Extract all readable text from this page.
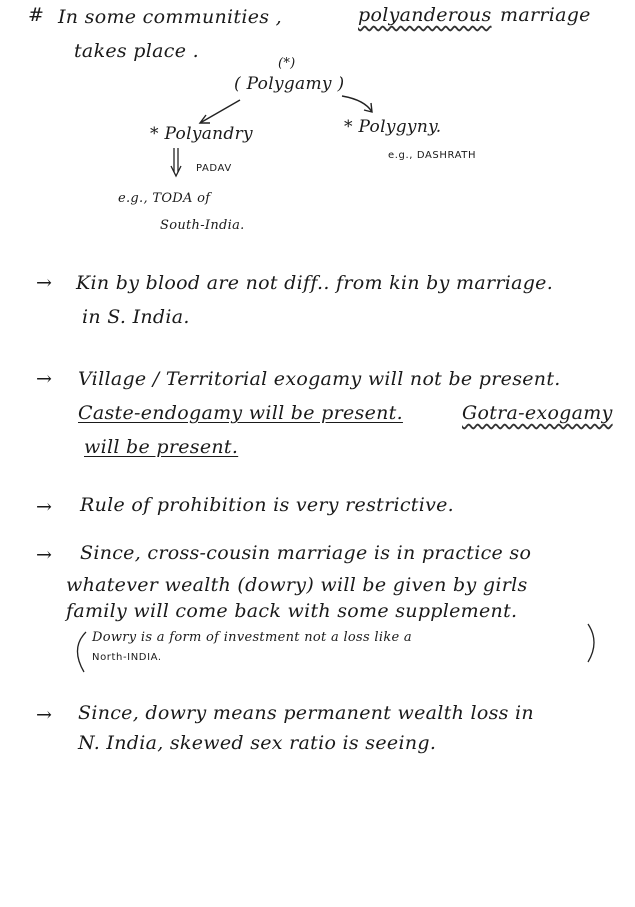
# In some communities ,	polyanderous marriage
takes place .
(*)
( Polygamy )
* Polyandry
PADAV
e.g., TODA of
South-India.
* Polygyny.
e.g., DASHRATH
→ Kin by blood are not diff.. from kin by marriage.
in S. India.
→ Village / Territorial exogamy will not be present.
Caste-endogamy will be present.	Gotra-exogamy
will be present.
→ Rule of prohibition is very restrictive.
→ Since, cross-cousin marriage is in practice so
whatever wealth (dowry) will be given by girls
family will come back with some supplement.
Dowry is a form of investment not a loss like a
North-INDIA.
→ Since, dowry means permanent wealth loss in
N. India, skewed sex ratio is seeing.
